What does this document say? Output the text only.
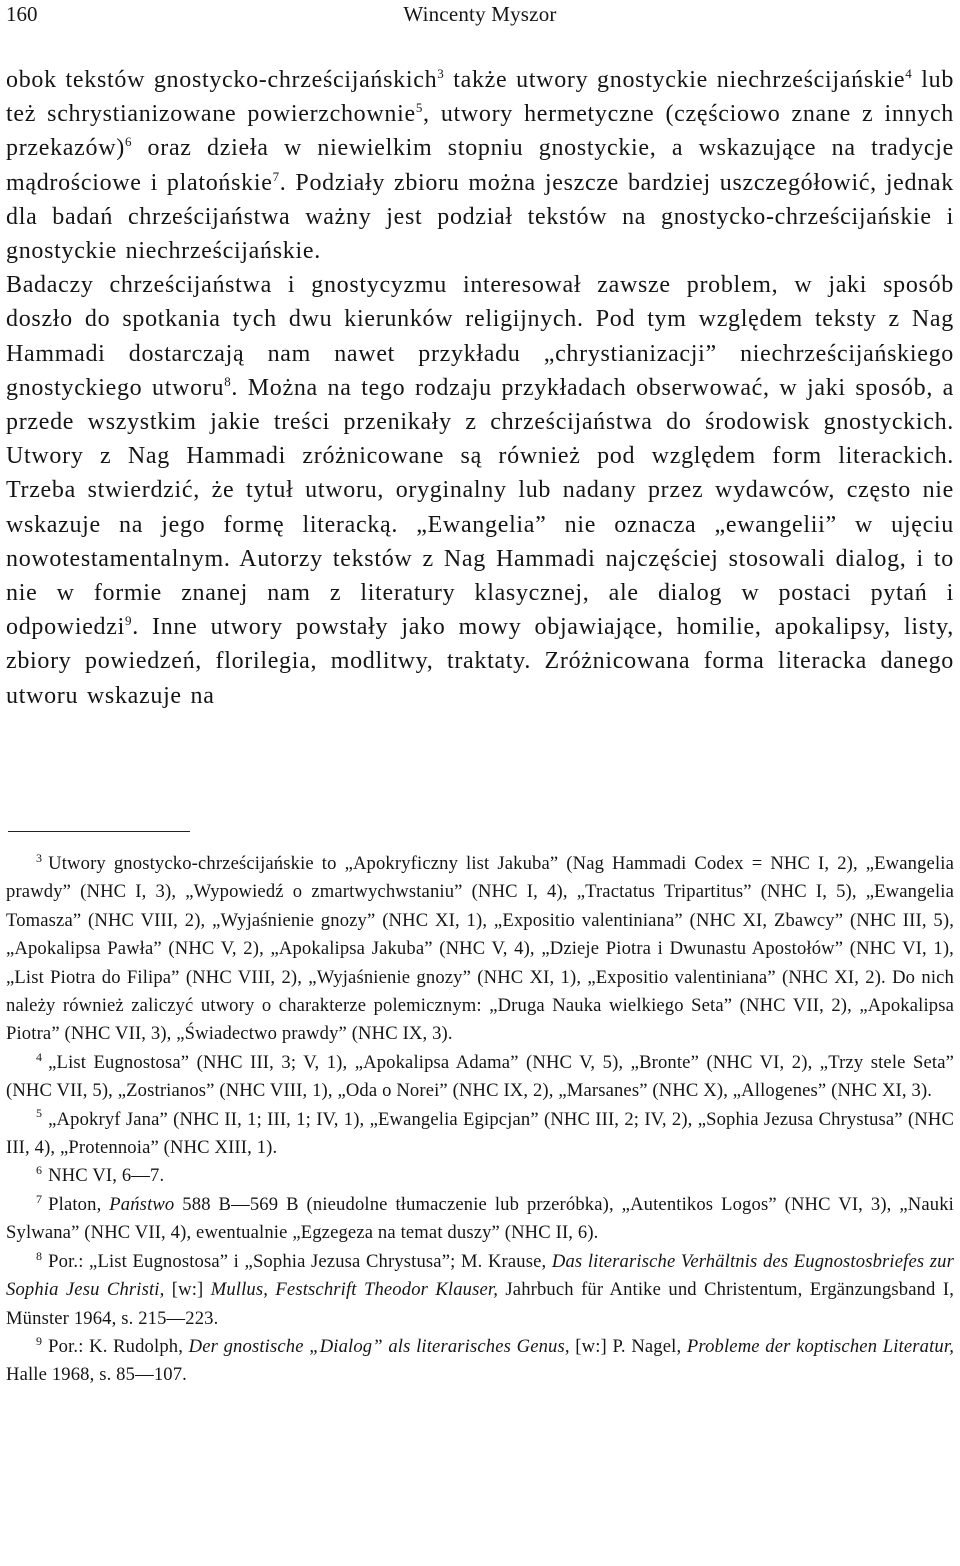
160	Wincenty Myszor

obok tekstów gnostycko-chrześcijańskich$^3$ także utwory gnostyckie niechrześcijańskie$^4$ lub też schrystianizowane powierzchownie$^5$, utwory hermetyczne (częściowo znane z innych przekazów)$^6$ oraz dzieła w niewielkim stopniu gnostyckie, a wskazujące na tradycje mądrościowe i platońskie$^7$. Podziały zbioru można jeszcze bardziej uszczegółowić, jednak dla badań chrześcijaństwa ważny jest podział tekstów na gnostycko-chrześcijańskie i gnostyckie niechrześcijańskie.

Badaczy chrześcijaństwa i gnostycyzmu interesował zawsze problem, w jaki sposób doszło do spotkania tych dwu kierunków religijnych. Pod tym względem teksty z Nag Hammadi dostarczają nam nawet przykładu „chrystianizacji” niechrześcijańskiego gnostyckiego utworu$^8$. Można na tego rodzaju przykładach obserwować, w jaki sposób, a przede wszystkim jakie treści przenikały z chrześcijaństwa do środowisk gnostyckich. Utwory z Nag Hammadi zróżnicowane są również pod względem form literackich. Trzeba stwierdzić, że tytuł utworu, oryginalny lub nadany przez wydawców, często nie wskazuje na jego formę literacką. „Ewangelia” nie oznacza „ewangelii” w ujęciu nowotestamentalnym. Autorzy tekstów z Nag Hammadi najczęściej stosowali dialog, i to nie w formie znanej nam z literatury klasycznej, ale dialog w postaci pytań i odpowiedzi$^9$. Inne utwory powstały jako mowy objawiające, homilie, apokalipsy, listy, zbiory powiedzeń, florilegia, modlitwy, traktaty. Zróżnicowana forma literacka danego utworu wskazuje na

$^3$ Utwory gnostycko-chrześcijańskie to „Apokryficzny list Jakuba” (Nag Hammadi Codex = NHC I, 2), „Ewangelia prawdy” (NHC I, 3), „Wypowiedź o zmartwychwstaniu” (NHC I, 4), „Tractatus Tripartitus” (NHC I, 5), „Ewangelia Tomasza” (NHC VIII, 2), „Wyjaśnienie gnozy” (NHC XI, 1), „Expositio valentiniana” (NHC XI, Zbawcy” (NHC III, 5), „Apokalipsa Pawła” (NHC V, 2), „Apokalipsa Jakuba” (NHC V, 4), „Dzieje Piotra i Dwunastu Apostołów” (NHC VI, 1), „List Piotra do Filipa” (NHC VIII, 2), „Wyjaśnienie gnozy” (NHC XI, 1), „Expositio valentiniana” (NHC XI, 2). Do nich należy również zaliczyć utwory o charakterze polemicznym: „Druga Nauka wielkiego Seta” (NHC VII, 2), „Apokalipsa Piotra” (NHC VII, 3), „Świadectwo prawdy” (NHC IX, 3).

$^4$ „List Eugnostosa” (NHC III, 3; V, 1), „Apokalipsa Adama” (NHC V, 5), „Bronte” (NHC VI, 2), „Trzy stele Seta” (NHC VII, 5), „Zostrianos” (NHC VIII, 1), „Oda o Norei” (NHC IX, 2), „Marsanes” (NHC X), „Allogenes” (NHC XI, 3).

$^5$ „Apokryf Jana” (NHC II, 1; III, 1; IV, 1), „Ewangelia Egipcjan” (NHC III, 2; IV, 2), „Sophia Jezusa Chrystusa” (NHC III, 4), „Protennoia” (NHC XIII, 1).

$^6$ NHC VI, 6—7.

$^7$ Platon, Państwo 588 B—569 B (nieudolne tłumaczenie lub przeróbka), „Autentikos Logos” (NHC VI, 3), „Nauki Sylwana” (NHC VII, 4), ewentualnie „Egzegeza na temat duszy” (NHC II, 6).

$^8$ Por.: „List Eugnostosa” i „Sophia Jezusa Chrystusa”; M. Krause, Das literarische Verhältnis des Eugnostosbriefes zur Sophia Jesu Christi, [w:] Mullus, Festschrift Theodor Klauser, Jahrbuch für Antike und Christentum, Ergänzungsband I, Münster 1964, s. 215—223.

$^9$ Por.: K. Rudolph, Der gnostische „Dialog” als literarisches Genus, [w:] P. Nagel, Probleme der koptischen Literatur, Halle 1968, s. 85—107.
